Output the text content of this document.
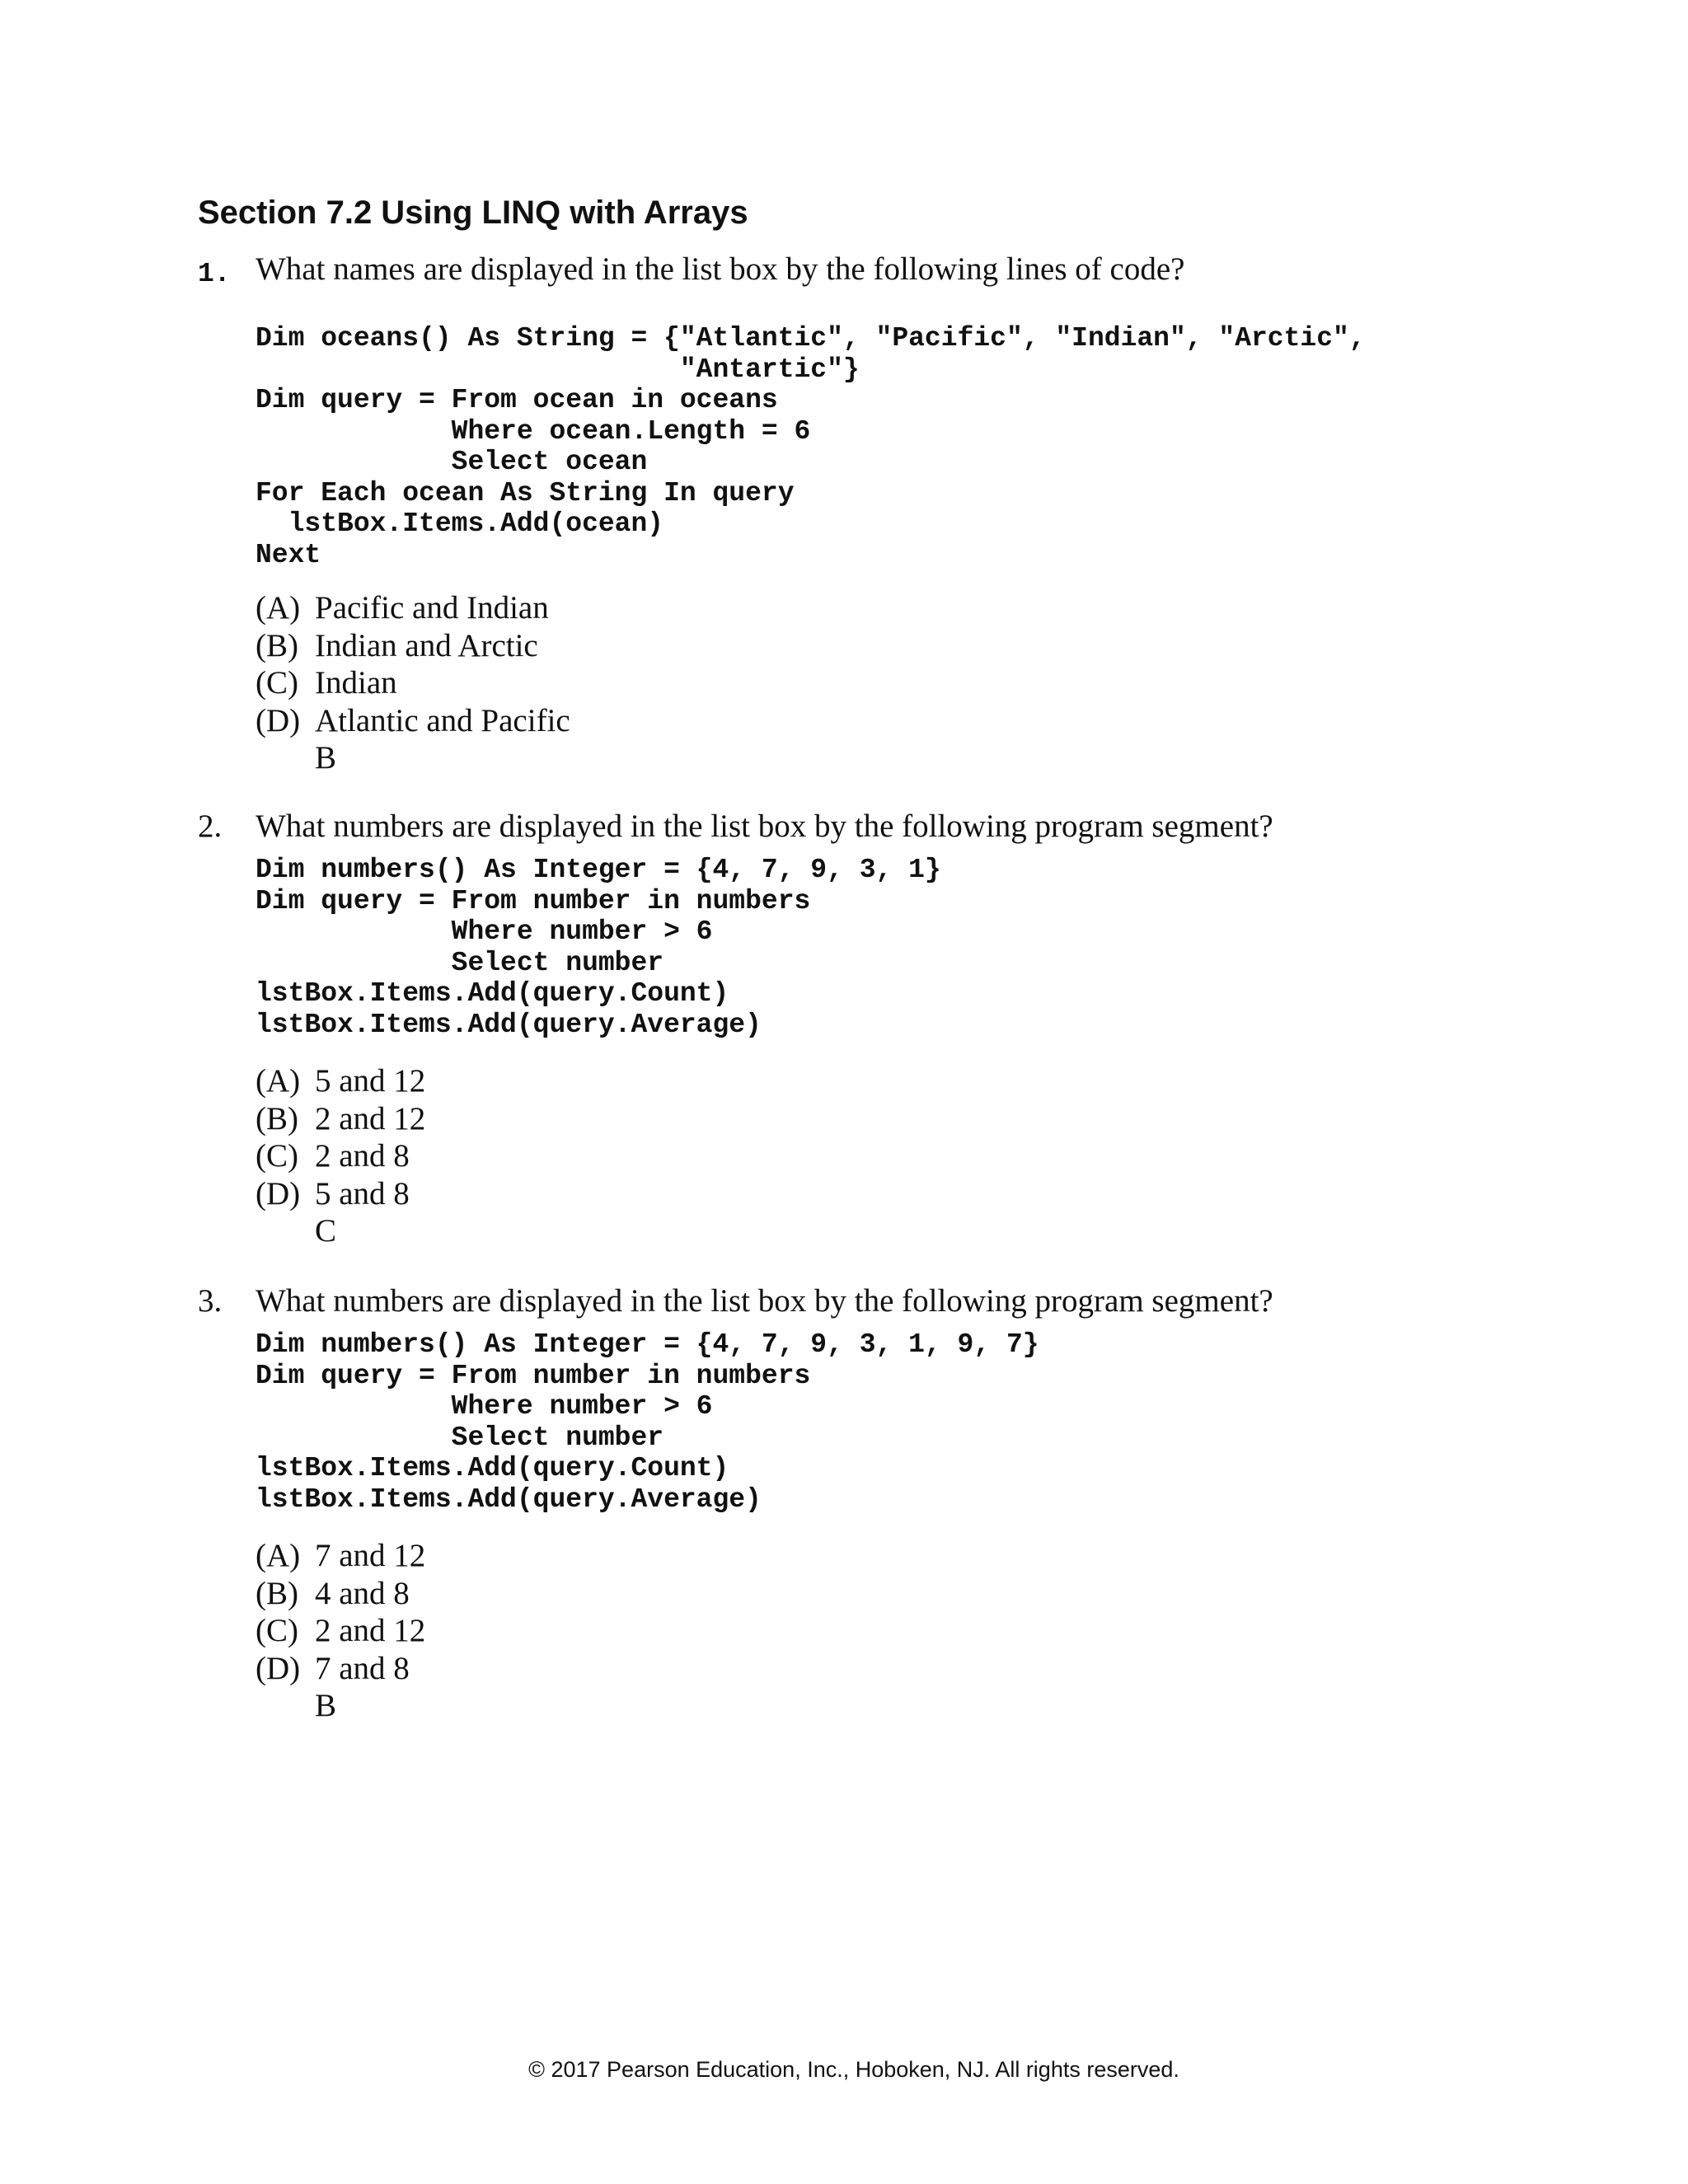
Section 7.2 Using LINQ with Arrays
1. What names are displayed in the list box by the following lines of code?
Dim oceans() As String = {"Atlantic", "Pacific", "Indian", "Arctic",
"Antartic"}
Dim query = From ocean in oceans
Where ocean.Length = 6
Select ocean
For Each ocean As String In query
lstBox.Items.Add(ocean)
Next
(A) Pacific and Indian
(B) Indian and Arctic
(C) Indian
(D) Atlantic and Pacific
B
2. What numbers are displayed in the list box by the following program segment?
Dim numbers() As Integer = {4, 7, 9, 3, 1}
Dim query = From number in numbers
Where number > 6
Select number
lstBox.Items.Add(query.Count)
lstBox.Items.Add(query.Average)
(A) 5 and 12
(B) 2 and 12
(C) 2 and 8
(D) 5 and 8
C
3. What numbers are displayed in the list box by the following program segment?
Dim numbers() As Integer = {4, 7, 9, 3, 1, 9, 7}
Dim query = From number in numbers
Where number > 6
Select number
lstBox.Items.Add(query.Count)
lstBox.Items.Add(query.Average)
(A) 7 and 12
(B) 4 and 8
(C) 2 and 12
(D) 7 and 8
B
© 2017 Pearson Education, Inc., Hoboken, NJ. All rights reserved.
